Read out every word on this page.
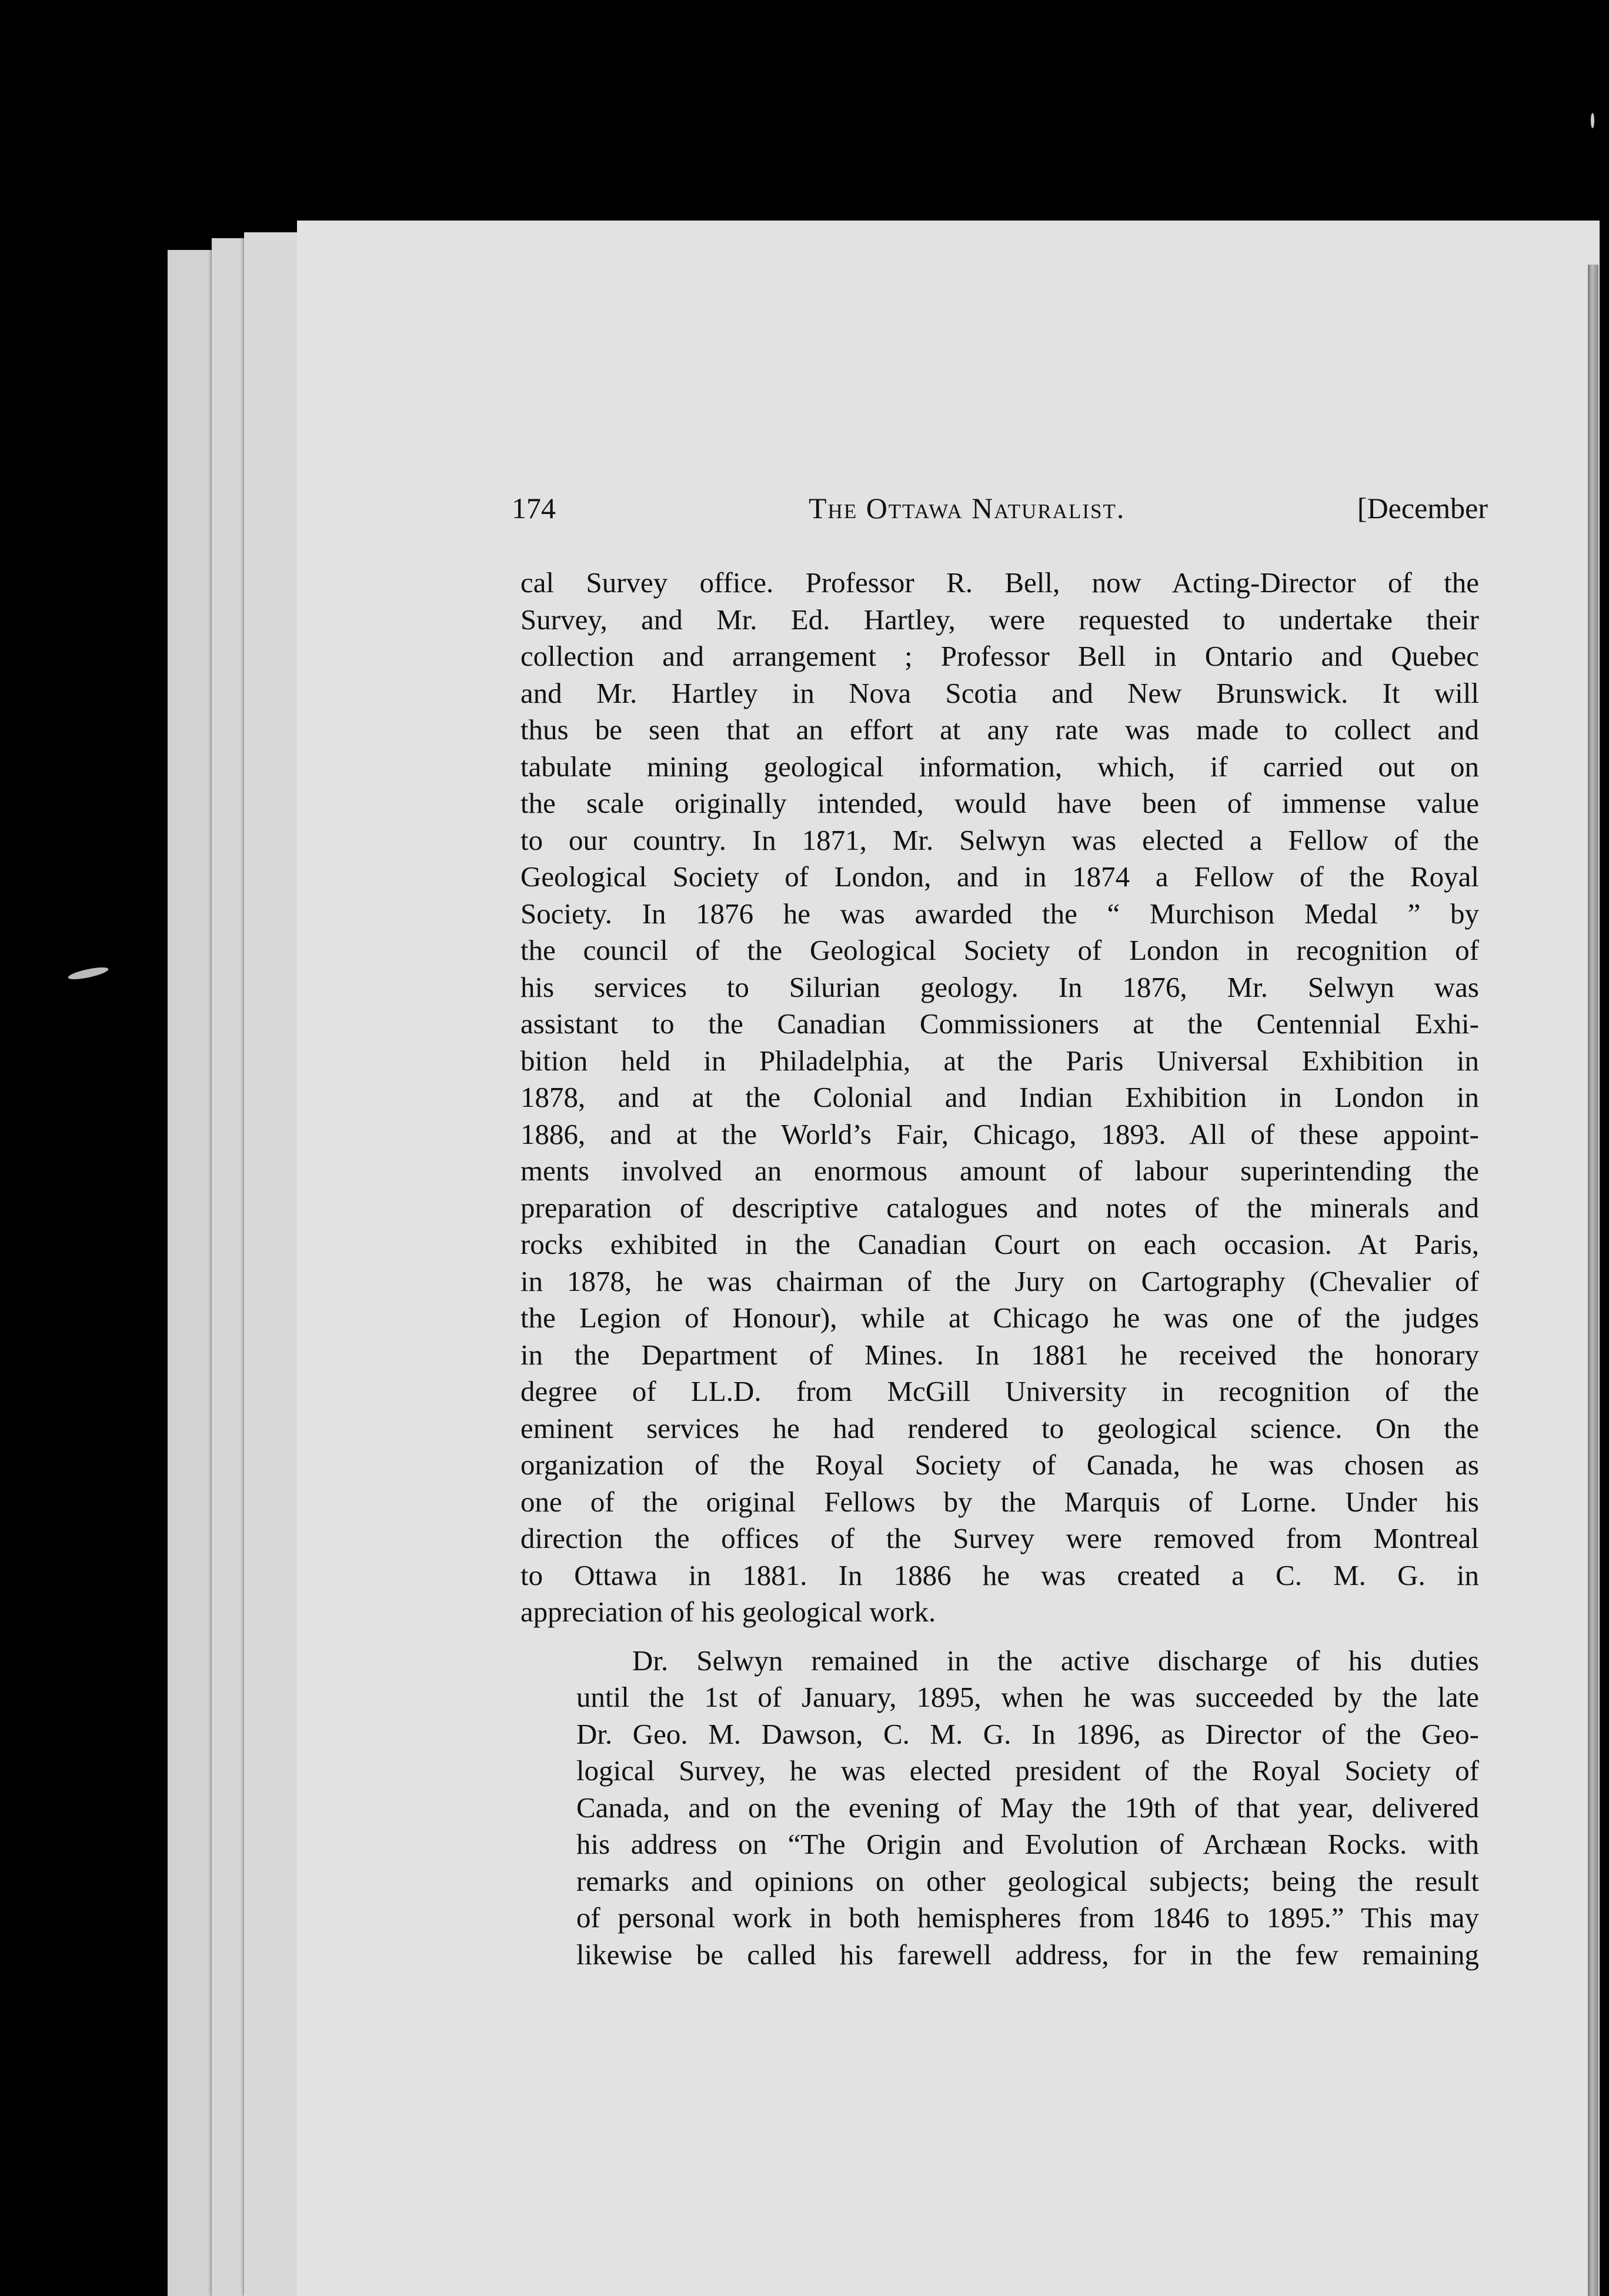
174	The Ottawa Naturalist.	[December

cal Survey office. Professor R. Bell, now Acting-Director of the
Survey, and Mr. Ed. Hartley, were requested to undertake their
collection and arrangement ; Professor Bell in Ontario and Quebec
and Mr. Hartley in Nova Scotia and New Brunswick. It will
thus be seen that an effort at any rate was made to collect and
tabulate mining geological information, which, if carried out on
the scale originally intended, would have been of immense value
to our country. In 1871, Mr. Selwyn was elected a Fellow of the
Geological Society of London, and in 1874 a Fellow of the Royal
Society. In 1876 he was awarded the “ Murchison Medal ” by
the council of the Geological Society of London in recognition of
his services to Silurian geology. In 1876, Mr. Selwyn was
assistant to the Canadian Commissioners at the Centennial Exhi-
bition held in Philadelphia, at the Paris Universal Exhibition in
1878, and at the Colonial and Indian Exhibition in London in
1886, and at the World’s Fair, Chicago, 1893. All of these appoint-
ments involved an enormous amount of labour superintending the
preparation of descriptive catalogues and notes of the minerals and
rocks exhibited in the Canadian Court on each occasion. At Paris,
in 1878, he was chairman of the Jury on Cartography (Chevalier of
the Legion of Honour), while at Chicago he was one of the judges
in the Department of Mines. In 1881 he received the honorary
degree of LL.D. from McGill University in recognition of the
eminent services he had rendered to geological science. On the
organization of the Royal Society of Canada, he was chosen as
one of the original Fellows by the Marquis of Lorne. Under his
direction the offices of the Survey were removed from Montreal
to Ottawa in 1881. In 1886 he was created a C. M. G. in
appreciation of his geological work.

Dr. Selwyn remained in the active discharge of his duties
until the 1st of January, 1895, when he was succeeded by the late
Dr. Geo. M. Dawson, C. M. G. In 1896, as Director of the Geo-
logical Survey, he was elected president of the Royal Society of
Canada, and on the evening of May the 19th of that year, delivered
his address on “The Origin and Evolution of Archæan Rocks. with
remarks and opinions on other geological subjects; being the result
of personal work in both hemispheres from 1846 to 1895.” This may
likewise be called his farewell address, for in the few remaining
